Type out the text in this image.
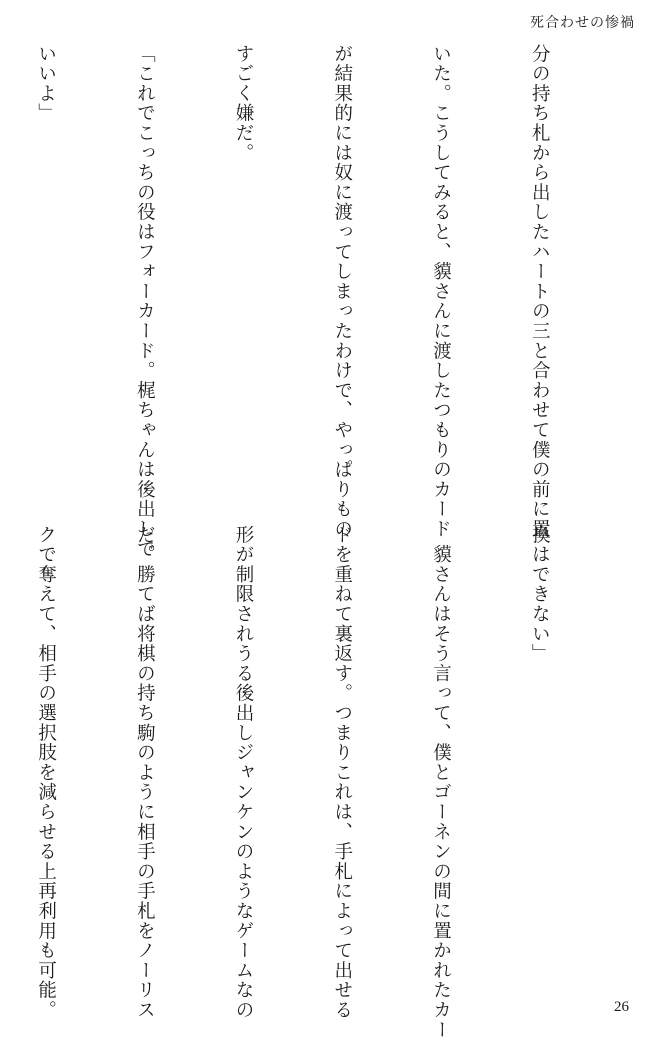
死合わせの惨禍

分の持ち札から出したハートの三と合わせて僕の前に置

いた。こうしてみると、貘さんに渡したつもりのカード

が結果的には奴に渡ってしまったわけで、やっぱりもの

すごく嫌だ。

「これでこっちの役はフォーカード。梶ちゃんは後出しで

いいよ」

換はできない」

　貘さんはそう言って、僕とゴーネンの間に置かれたカー

ドを重ねて裏返す。つまりこれは、手札によって出せる

形が制限されうる後出しジャンケンのようなゲームなの

だ。勝てば将棋の持ち駒のように相手の手札をノーリス

クで奪えて、相手の選択肢を減らせる上再利用も可能。

	26
